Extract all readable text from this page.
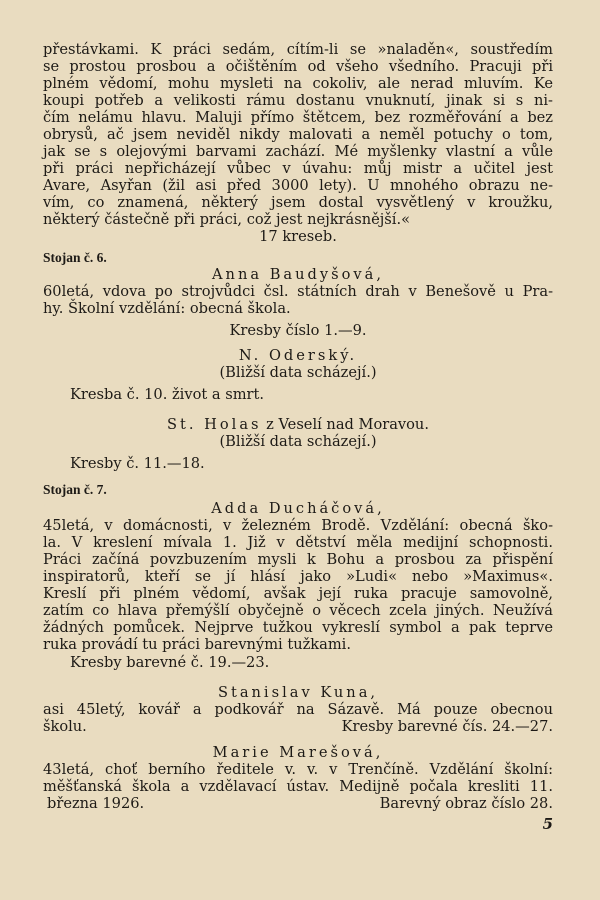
přestávkami. K práci sedám, cítím-li se »naladěn«, soustředím
se prostou prosbou a očištěním od všeho všedního. Pracuji při
plném vědomí, mohu mysleti na cokoliv, ale nerad mluvím. Ke
koupi potřeb a velikosti rámu dostanu vnuknutí, jinak si s ni-
čím nelámu hlavu. Maluji přímo štětcem, bez rozměřování a bez
obrysů, ač jsem neviděl nikdy malovati a neměl potuchy o tom,
jak se s olejovými barvami zachází. Mé myšlenky vlastní a vůle
při práci nepřicházejí vůbec v úvahu: můj mistr a učitel jest
Avare, Asyřan (žil asi před 3000 lety). U mnohého obrazu ne-
vím, co znamená, některý jsem dostal vysvětlený v kroužku,
některý částečně při práci, což jest nejkrásnější.«
17 kreseb.
Stojan č. 6.
Anna Baudyšová,
60letá, vdova po strojvůdci čsl. státních drah v Benešově u Pra-
hy. Školní vzdělání: obecná škola.
Kresby číslo 1.—9.
N. Oderský.
(Bližší data scházejí.)
Kresba č. 10. život a smrt.
St. Holas z Veselí nad Moravou.
(Bližší data scházejí.)
Kresby č. 11.—18.
Stojan č. 7.
Adda Ducháčová,
45letá, v domácnosti, v železném Brodě. Vzdělání: obecná ško-
la. V kreslení mívala 1. Již v dětství měla medijní schopnosti.
Práci začíná povzbuzením mysli k Bohu a prosbou za přispění
inspiratorů, kteří se jí hlásí jako »Ludi« nebo »Maximus«.
Kreslí při plném vědomí, avšak její ruka pracuje samovolně,
zatím co hlava přemýšlí obyčejně o věcech zcela jiných. Neužívá
žádných pomůcek. Nejprve tužkou vykreslí symbol a pak teprve
ruka provádí tu práci barevnými tužkami.
Kresby barevné č. 19.—23.
Stanislav Kuna,
asi 45letý, kovář a podkovář na Sázavě. Má pouze obecnou
školu.	Kresby barevné čís. 24.—27.
Marie Marešová,
43letá, choť berního ředitele v. v. v Trenčíně. Vzdělání školní:
měšťanská škola a vzdělavací ústav. Medijně počala kresliti 11.
března 1926.	Barevný obraz číslo 28.
5
